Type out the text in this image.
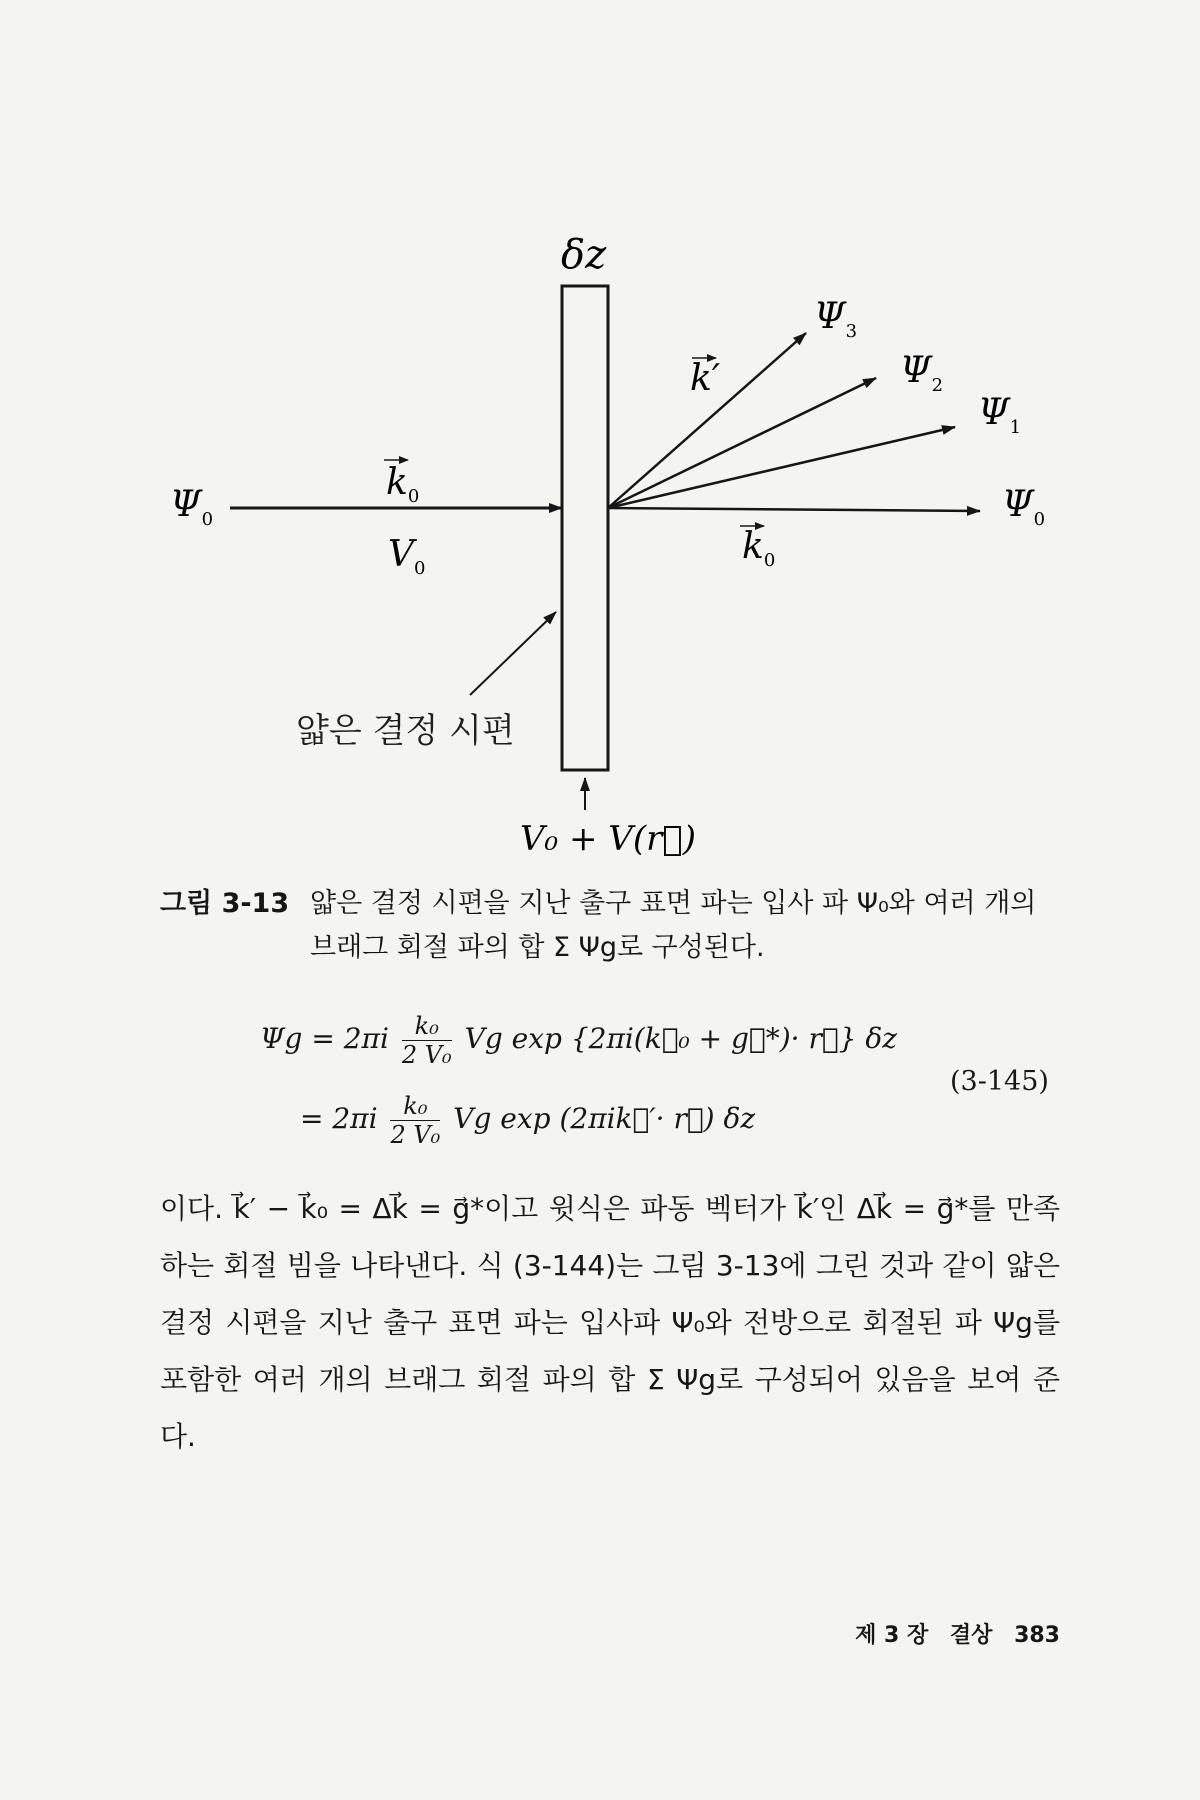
δz
$\Psi_0$
$k_0$
$V_0$
k′
$k_0$
$\Psi_3$
$\Psi_2$
$\Psi_1$
$\Psi_0$
얇은 결정 시편
V₀ + V(r⃗)
그림 3-13 얇은 결정 시편을 지난 출구 표면 파는 입사 파 Ψ₀와 여러 개의 브래그 회절 파의 합 Σ Ψg로 구성된다.
$\Psi g = 2\pi i \frac{\text{k₀}}{\text{2 V₀}}$ Vg exp {2πi(k⃗₀ + g⃗*)· r⃗} δz
= $2\pi i \frac{\text{k₀}}{\text{2 V₀}}$ Vg exp (2πik⃗′· r⃗) δz
(3-145)
이다. k⃗′ − k⃗₀ = Δk⃗ = g⃗*이고 윗식은 파동 벡터가 k⃗′인 Δk⃗ = g⃗*를 만족하는 회절 빔을 나타낸다. 식 (3-144)는 그림 3-13에 그린 것과 같이 얇은 결정 시편을 지난 출구 표면 파는 입사파 Ψ₀와 전방으로 회절된 파 Ψg를 포함한 여러 개의 브래그 회절 파의 합 Σ Ψg로 구성되어 있음을 보여 준다.
제 3 장 결상 383
